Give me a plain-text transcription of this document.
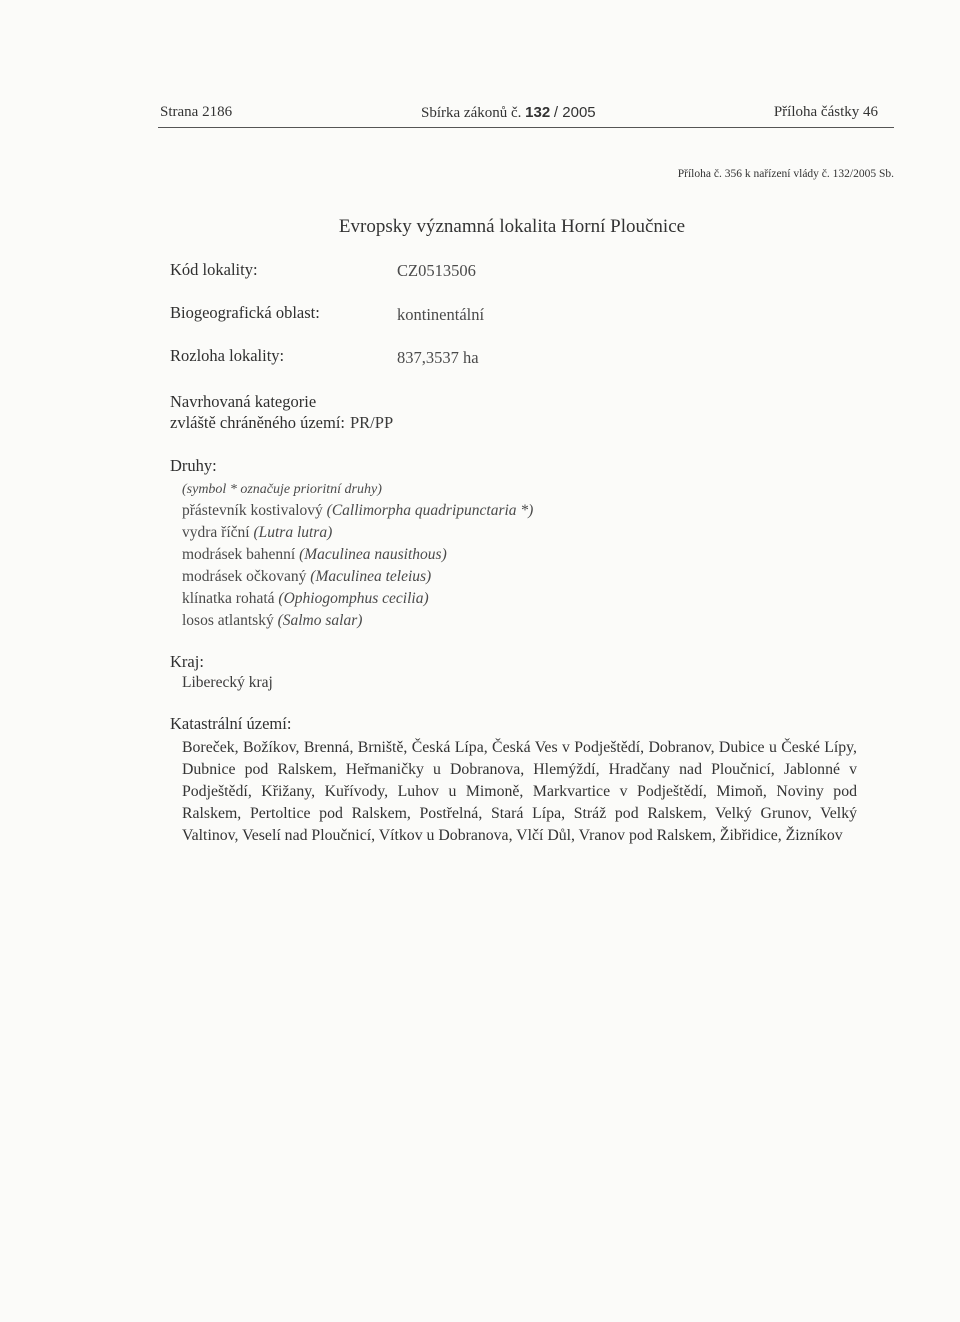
Strana 2186	Sbírka zákonů č. 132 / 2005	Příloha částky 46
Příloha č. 356 k nařízení vlády č. 132/2005 Sb.
Evropsky významná lokalita Horní Ploučnice
Kód lokality:	CZ0513506
Biogeografická oblast:	kontinentální
Rozloha lokality:	837,3537 ha
Navrhovaná kategorie
zvláště chráněného území: PR/PP
Druhy:
(symbol * označuje prioritní druhy)
přástevník kostivalový (Callimorpha quadripunctaria *)
vydra říční (Lutra lutra)
modrásek bahenní (Maculinea nausithous)
modrásek očkovaný (Maculinea teleius)
klínatka rohatá (Ophiogomphus cecilia)
losos atlantský (Salmo salar)
Kraj:
Liberecký kraj
Katastrální území:
Boreček, Božíkov, Brenná, Brniště, Česká Lípa, Česká Ves v Podještědí, Dobranov, Dubice u České Lípy, Dubnice pod Ralskem, Heřmaničky u Dobranova, Hlemýždí, Hradčany nad Ploučnicí, Jablonné v Podještědí, Křižany, Kuřívody, Luhov u Mimoně, Markvartice v Podještědí, Mimoň, Noviny pod Ralskem, Pertoltice pod Ralskem, Postřelná, Stará Lípa, Stráž pod Ralskem, Velký Grunov, Velký Valtinov, Veselí nad Ploučnicí, Vítkov u Dobranova, Vlčí Důl, Vranov pod Ralskem, Žibřidice, Žizníkov
